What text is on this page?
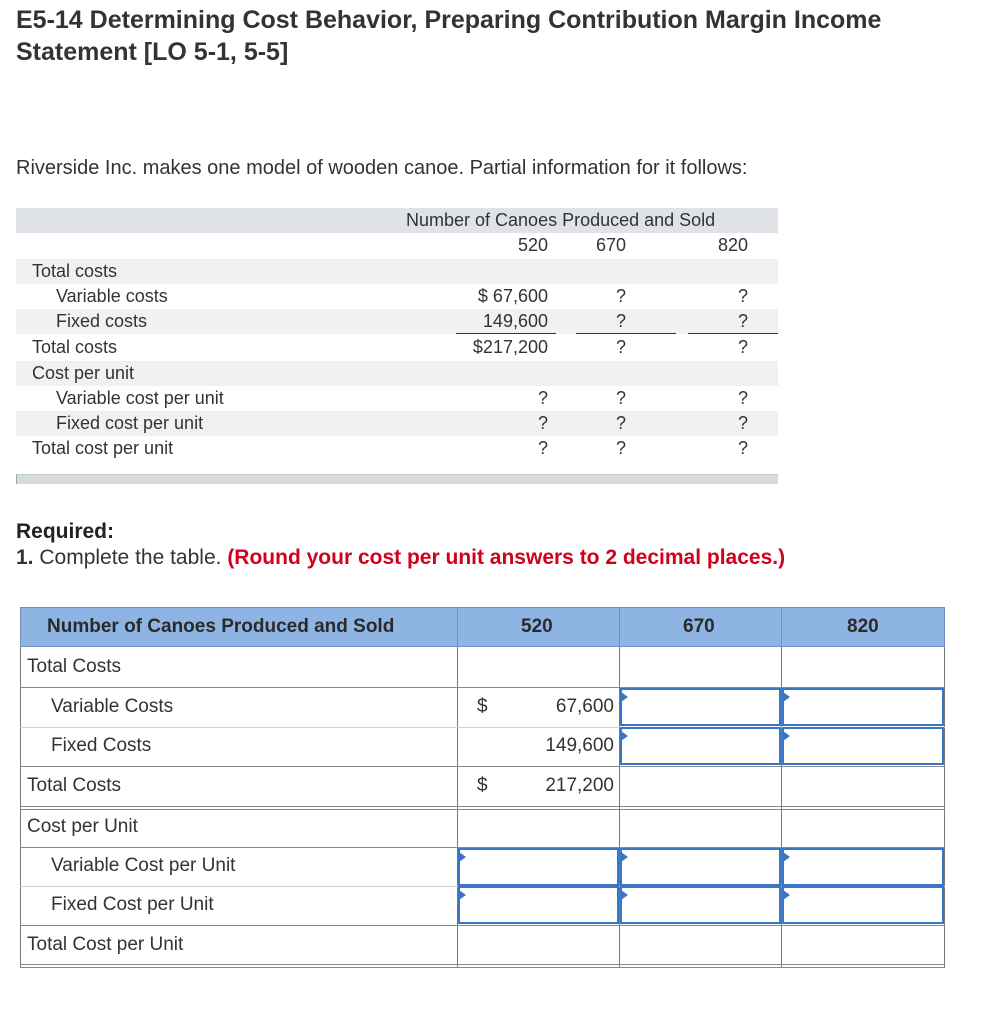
E5-14 Determining Cost Behavior, Preparing Contribution Margin Income Statement [LO 5-1, 5-5]
Riverside Inc. makes one model of wooden canoe. Partial information for it follows:
Number of Canoes Produced and Sold
520	670	820
Total costs
Variable costs	$ 67,600	?	?
Fixed costs	149,600	?	?
Total costs	$217,200	?	?
Cost per unit
Variable cost per unit	?	?	?
Fixed cost per unit	?	?	?
Total cost per unit	?	?	?
Required:
1. Complete the table. (Round your cost per unit answers to 2 decimal places.)
Number of Canoes Produced and Sold	520	670	820
Total Costs
Variable Costs	$	67,600
Fixed Costs	149,600
Total Costs	$	217,200
Cost per Unit
Variable Cost per Unit
Fixed Cost per Unit
Total Cost per Unit
